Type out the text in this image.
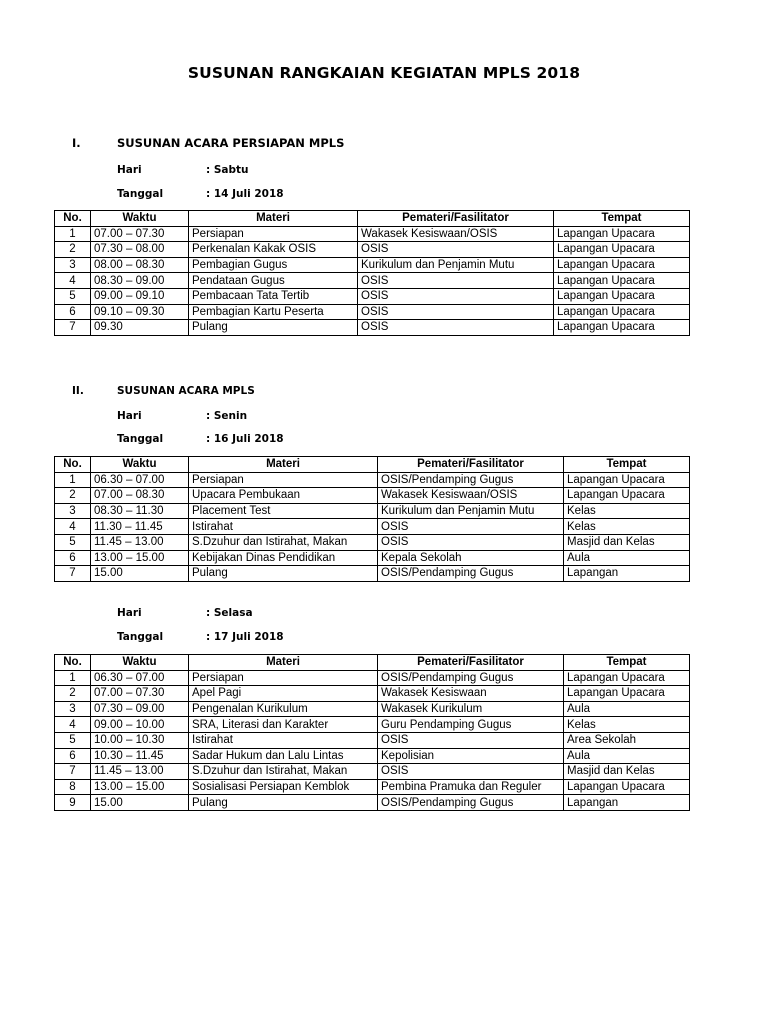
SUSUNAN RANGKAIAN KEGIATAN MPLS 2018
I.	SUSUNAN ACARA PERSIAPAN MPLS
Hari	: Sabtu
Tanggal	: 14 Juli 2018
No.	Waktu	Materi	Pemateri/Fasilitator	Tempat
1	07.00 – 07.30	Persiapan	Wakasek Kesiswaan/OSIS	Lapangan Upacara
2	07.30 – 08.00	Perkenalan Kakak OSIS	OSIS	Lapangan Upacara
3	08.00 – 08.30	Pembagian Gugus	Kurikulum dan Penjamin Mutu	Lapangan Upacara
4	08.30 – 09.00	Pendataan Gugus	OSIS	Lapangan Upacara
5	09.00 – 09.10	Pembacaan Tata Tertib	OSIS	Lapangan Upacara
6	09.10 – 09.30	Pembagian Kartu Peserta	OSIS	Lapangan Upacara
7	09.30	Pulang	OSIS	Lapangan Upacara
II.	SUSUNAN ACARA MPLS
Hari	: Senin
Tanggal	: 16 Juli 2018
No.	Waktu	Materi	Pemateri/Fasilitator	Tempat
1	06.30 – 07.00	Persiapan	OSIS/Pendamping Gugus	Lapangan Upacara
2	07.00 – 08.30	Upacara Pembukaan	Wakasek Kesiswaan/OSIS	Lapangan Upacara
3	08.30 – 11.30	Placement Test	Kurikulum dan Penjamin Mutu	Kelas
4	11.30 – 11.45	Istirahat	OSIS	Kelas
5	11.45 – 13.00	S.Dzuhur dan Istirahat, Makan	OSIS	Masjid dan Kelas
6	13.00 – 15.00	Kebijakan Dinas Pendidikan	Kepala Sekolah	Aula
7	15.00	Pulang	OSIS/Pendamping Gugus	Lapangan
Hari	: Selasa
Tanggal	: 17 Juli 2018
No.	Waktu	Materi	Pemateri/Fasilitator	Tempat
1	06.30 – 07.00	Persiapan	OSIS/Pendamping Gugus	Lapangan Upacara
2	07.00 – 07.30	Apel Pagi	Wakasek Kesiswaan	Lapangan Upacara
3	07.30 – 09.00	Pengenalan Kurikulum	Wakasek Kurikulum	Aula
4	09.00 – 10.00	SRA, Literasi dan Karakter	Guru Pendamping Gugus	Kelas
5	10.00 – 10.30	Istirahat	OSIS	Area Sekolah
6	10.30 – 11.45	Sadar Hukum dan Lalu Lintas	Kepolisian	Aula
7	11.45 – 13.00	S.Dzuhur dan Istirahat, Makan	OSIS	Masjid dan Kelas
8	13.00 – 15.00	Sosialisasi Persiapan Kemblok	Pembina Pramuka dan Reguler	Lapangan Upacara
9	15.00	Pulang	OSIS/Pendamping Gugus	Lapangan
